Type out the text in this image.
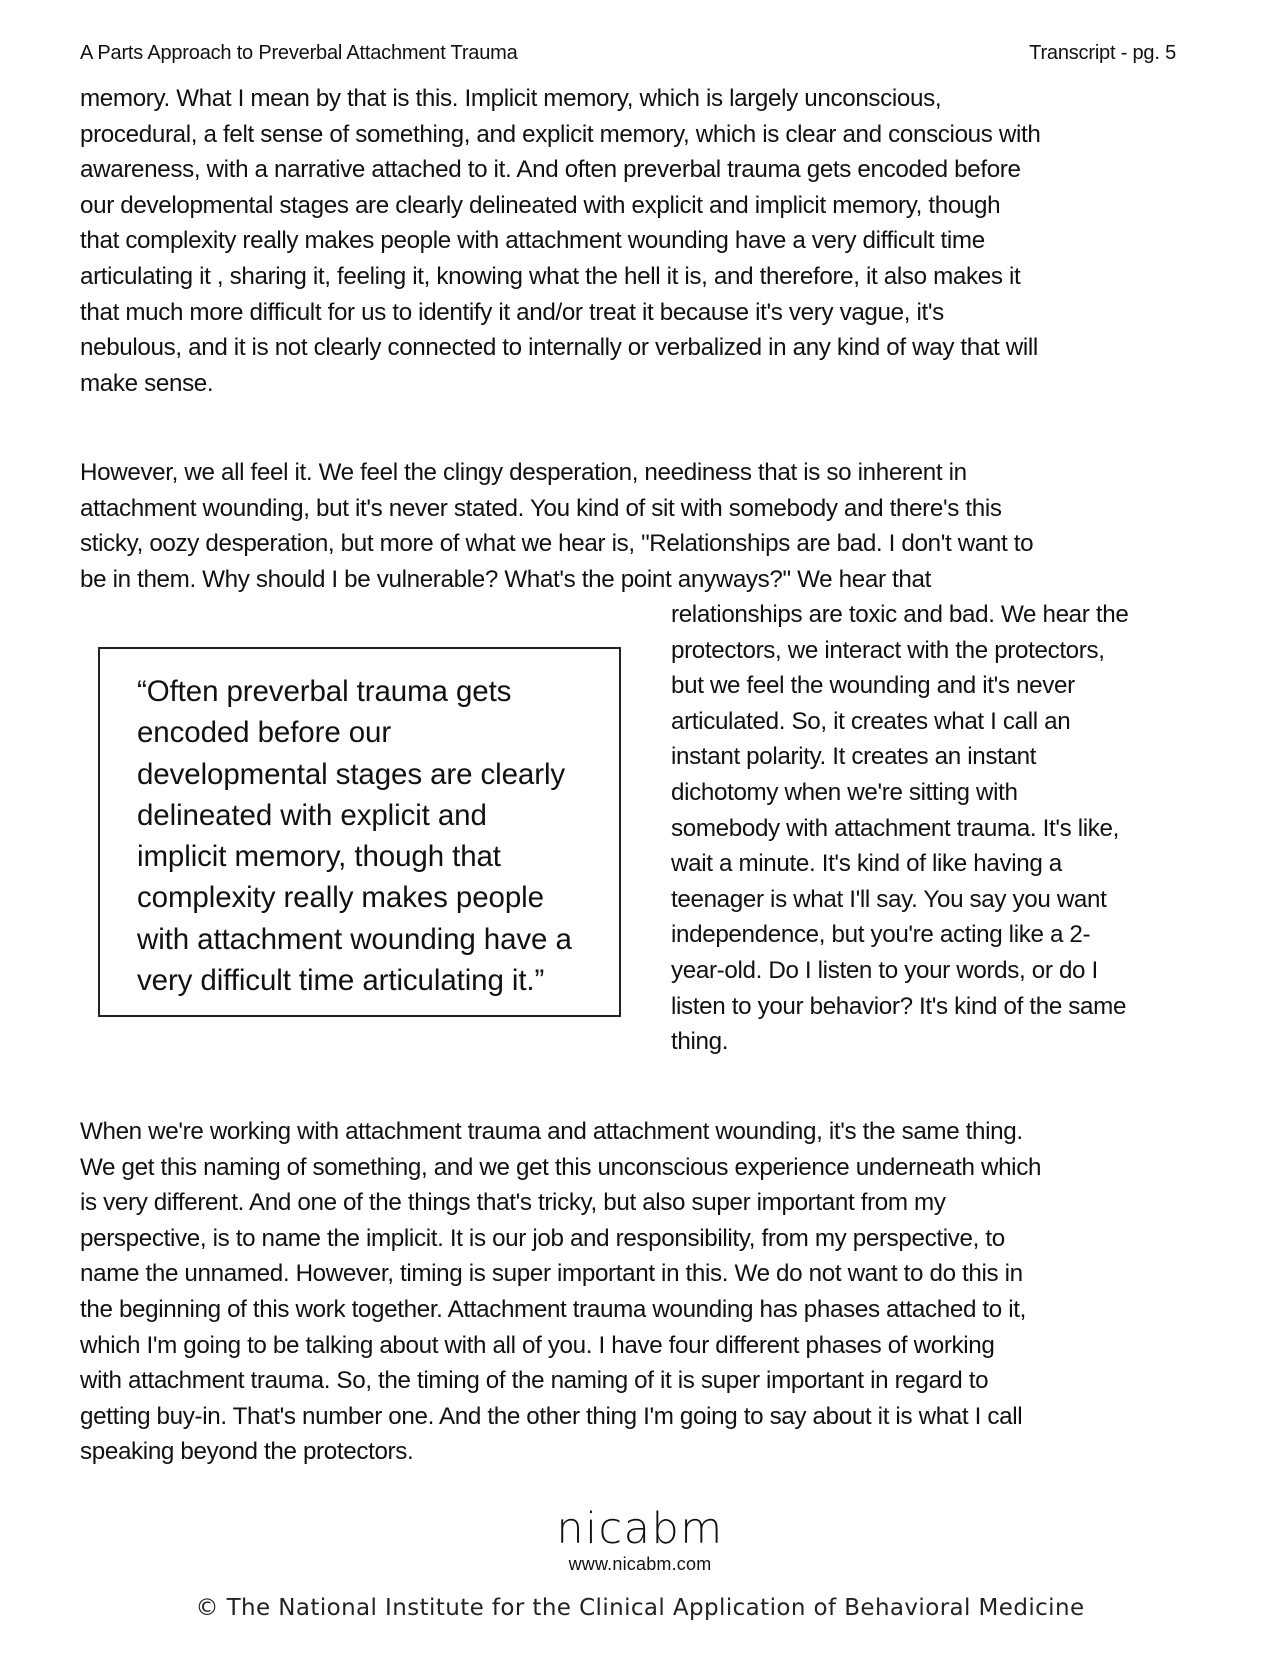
A Parts Approach to Preverbal Attachment Trauma	Transcript - pg. 5
memory. What I mean by that is this. Implicit memory, which is largely unconscious,
procedural, a felt sense of something, and explicit memory, which is clear and conscious with
awareness, with a narrative attached to it. And often preverbal trauma gets encoded before
our developmental stages are clearly delineated with explicit and implicit memory, though
that complexity really makes people with attachment wounding have a very difficult time
articulating it , sharing it, feeling it, knowing what the hell it is, and therefore, it also makes it
that much more difficult for us to identify it and/or treat it because it's very vague, it's
nebulous, and it is not clearly connected to internally or verbalized in any kind of way that will
make sense.
However, we all feel it. We feel the clingy desperation, neediness that is so inherent in
attachment wounding, but it's never stated. You kind of sit with somebody and there's this
sticky, oozy desperation, but more of what we hear is, "Relationships are bad. I don't want to
be in them. Why should I be vulnerable? What's the point anyways?" We hear that
relationships are toxic and bad. We hear the
protectors, we interact with the protectors,
but we feel the wounding and it's never
articulated. So, it creates what I call an
instant polarity. It creates an instant
dichotomy when we're sitting with
somebody with attachment trauma. It's like,
wait a minute. It's kind of like having a
teenager is what I'll say. You say you want
independence, but you're acting like a 2-
year-old. Do I listen to your words, or do I
listen to your behavior? It's kind of the same
thing.
“Often preverbal trauma gets
encoded before our
developmental stages are clearly
delineated with explicit and
implicit memory, though that
complexity really makes people
with attachment wounding have a
very difficult time articulating it.”
When we're working with attachment trauma and attachment wounding, it's the same thing.
We get this naming of something, and we get this unconscious experience underneath which
is very different. And one of the things that's tricky, but also super important from my
perspective, is to name the implicit. It is our job and responsibility, from my perspective, to
name the unnamed. However, timing is super important in this. We do not want to do this in
the beginning of this work together. Attachment trauma wounding has phases attached to it,
which I'm going to be talking about with all of you. I have four different phases of working
with attachment trauma. So, the timing of the naming of it is super important in regard to
getting buy-in. That's number one. And the other thing I'm going to say about it is what I call
speaking beyond the protectors.
nicabm
www.nicabm.com
© The National Institute for the Clinical Application of Behavioral Medicine
